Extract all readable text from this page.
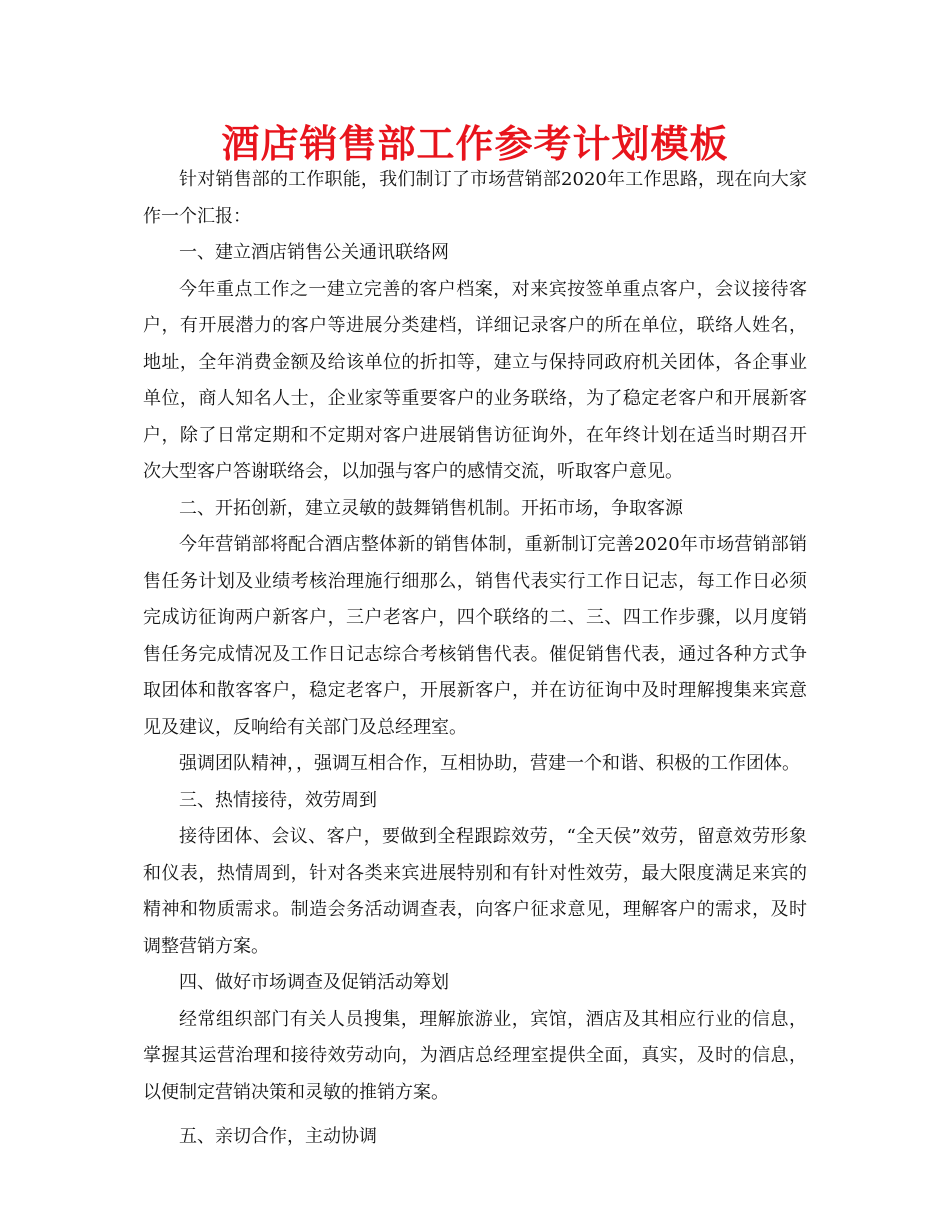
酒店销售部工作参考计划模板

针对销售部的工作职能，我们制订了市场营销部2020年工作思路，现在向大家作一个汇报：

一、建立酒店销售公关通讯联络网

今年重点工作之一建立完善的客户档案，对来宾按签单重点客户，会议接待客户，有开展潜力的客户等进展分类建档，详细记录客户的所在单位，联络人姓名，地址，全年消费金额及给该单位的折扣等，建立与保持同政府机关团体，各企事业单位，商人知名人士，企业家等重要客户的业务联络，为了稳定老客户和开展新客户，除了日常定期和不定期对客户进展销售访征询外，在年终计划在适当时期召开次大型客户答谢联络会，以加强与客户的感情交流，听取客户意见。

二、开拓创新，建立灵敏的鼓舞销售机制。开拓市场，争取客源

今年营销部将配合酒店整体新的销售体制，重新制订完善2020年市场营销部销售任务计划及业绩考核治理施行细那么，销售代表实行工作日记志，每工作日必须完成访征询两户新客户，三户老客户，四个联络的二、三、四工作步骤，以月度销售任务完成情况及工作日记志综合考核销售代表。催促销售代表，通过各种方式争取团体和散客客户，稳定老客户，开展新客户，并在访征询中及时理解搜集来宾意见及建议，反响给有关部门及总经理室。

强调团队精神，，强调互相合作，互相协助，营建一个和谐、积极的工作团体。

三、热情接待，效劳周到

接待团体、会议、客户，要做到全程跟踪效劳，“全天侯”效劳，留意效劳形象和仪表，热情周到，针对各类来宾进展特别和有针对性效劳，最大限度满足来宾的精神和物质需求。制造会务活动调查表，向客户征求意见，理解客户的需求，及时调整营销方案。

四、做好市场调查及促销活动筹划

经常组织部门有关人员搜集，理解旅游业，宾馆，酒店及其相应行业的信息，掌握其运营治理和接待效劳动向，为酒店总经理室提供全面，真实，及时的信息，以便制定营销决策和灵敏的推销方案。

五、亲切合作，主动协调
